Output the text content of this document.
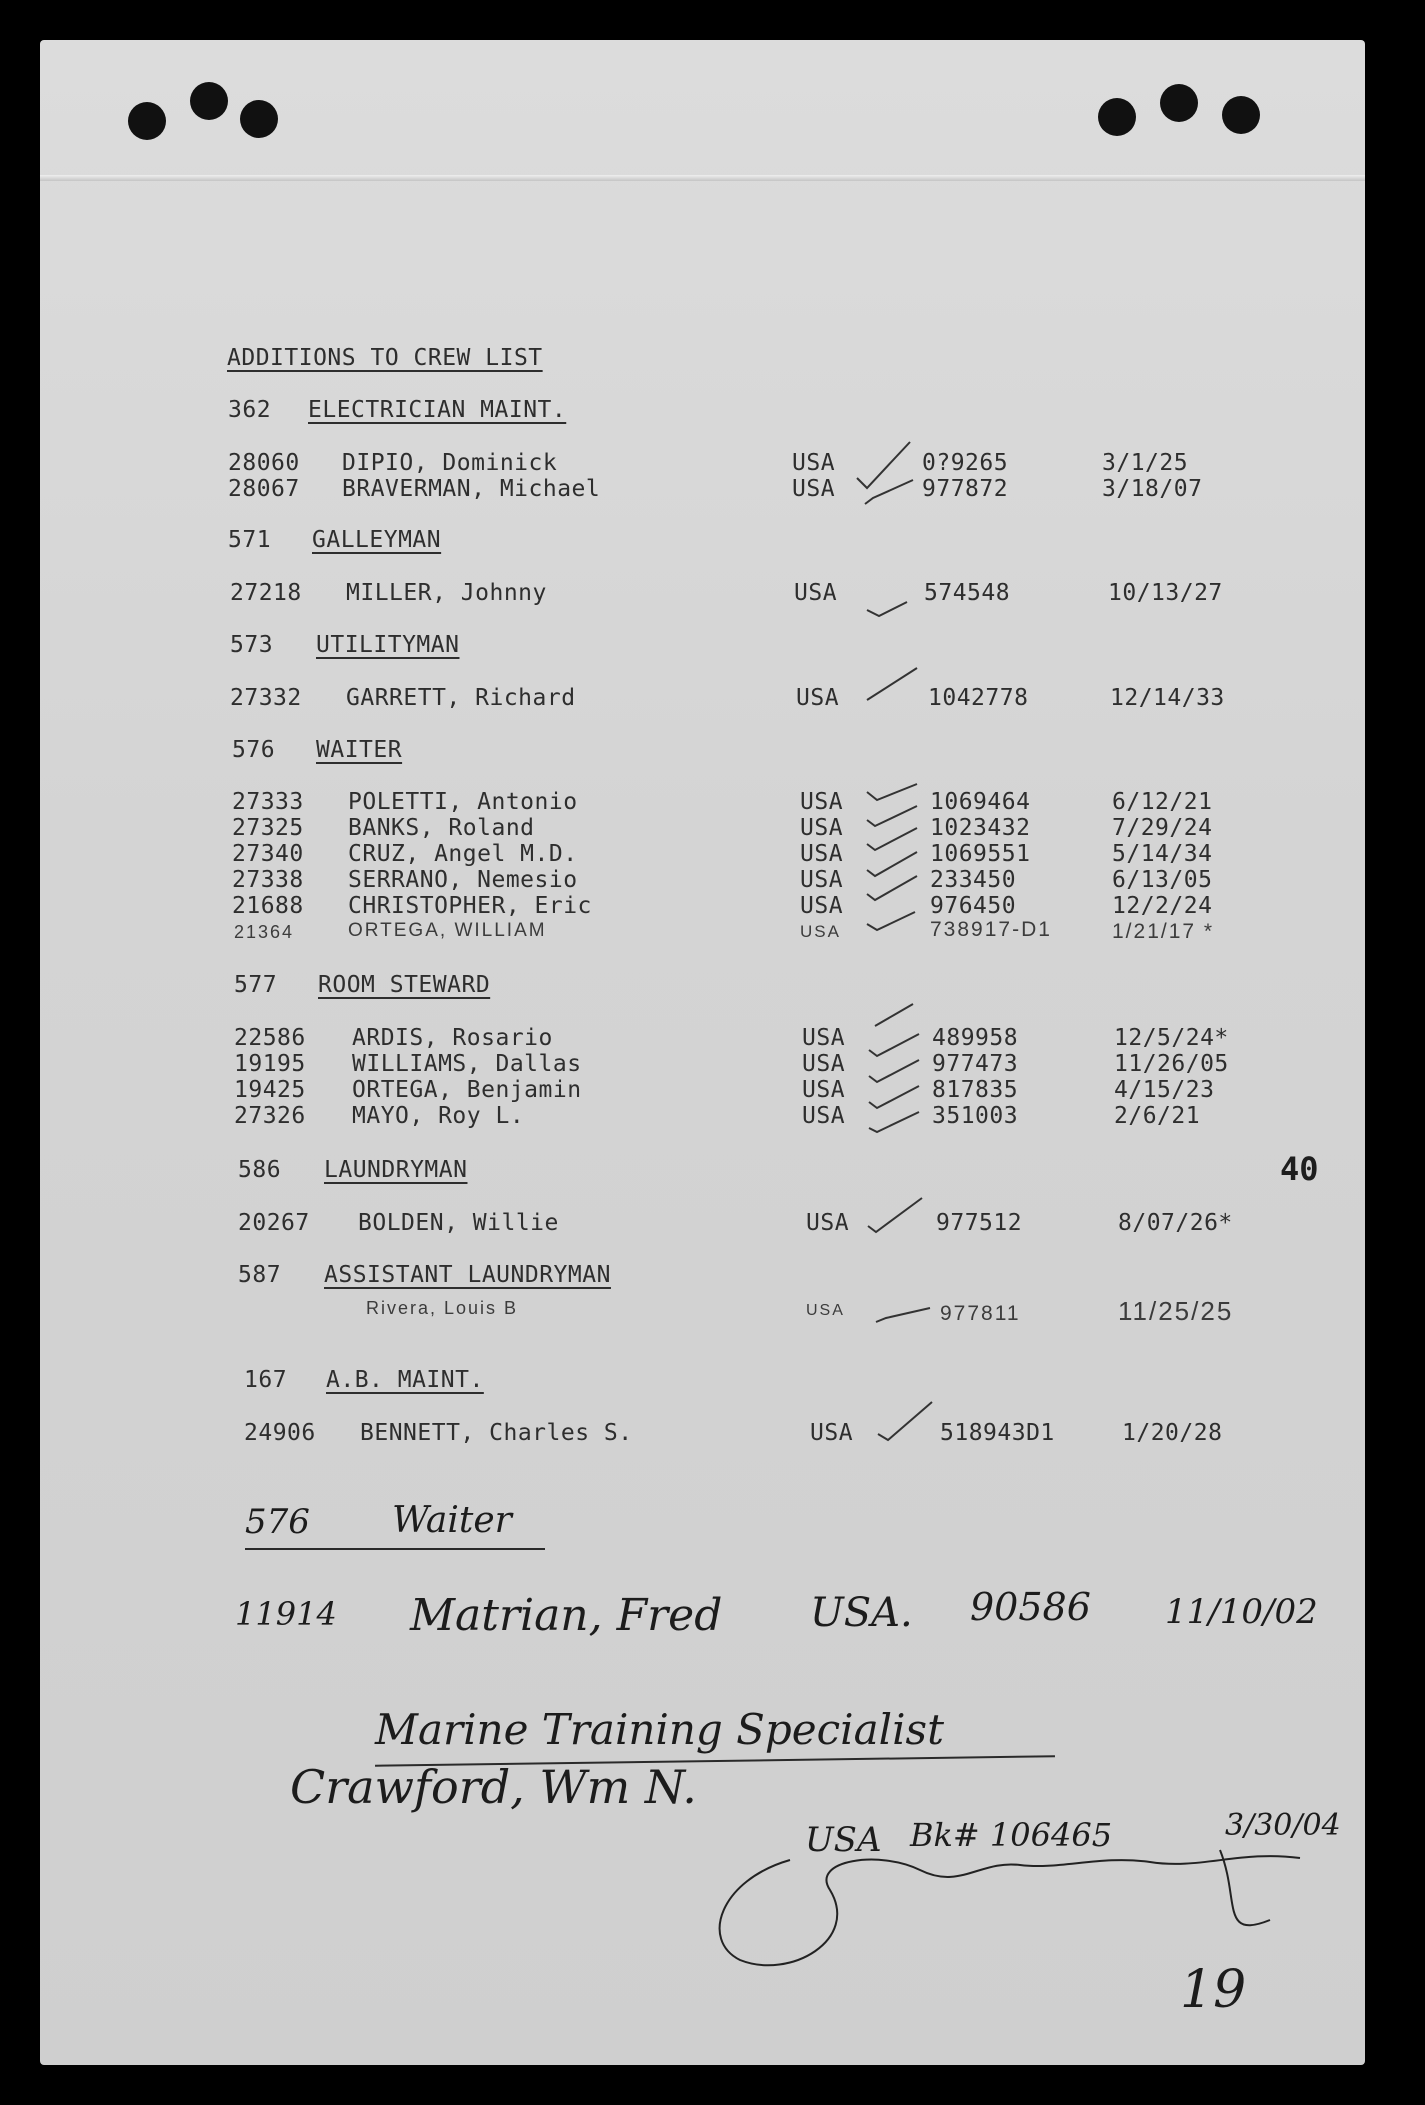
ADDITIONS TO CREW LIST
362 ELECTRICIAN MAINT.
28060 DIPIO, Dominick	USA	0?9265	3/1/25
28067 BRAVERMAN, Michael	USA	977872	3/18/07
571 GALLEYMAN
27218 MILLER, Johnny	USA	574548	10/13/27
573 UTILITYMAN
27332 GARRETT, Richard	USA	1042778	12/14/33
576 WAITER
27333 POLETTI, Antonio	USA	1069464	6/12/21
27325 BANKS, Roland	USA	1023432	7/29/24
27340 CRUZ, Angel M.D.	USA	1069551	5/14/34
27338 SERRANO, Nemesio	USA	233450	6/13/05
21688 CHRISTOPHER, Eric	USA	976450	12/2/24
21364	ORTEGA, WILLIAM	USA	738917-D1	1/21/17 *
577 ROOM STEWARD
22586 ARDIS, Rosario	USA	489958	12/5/24*
19195 WILLIAMS, Dallas	USA	977473	11/26/05
19425 ORTEGA, Benjamin	USA	817835	4/15/23
27326 MAYO, Roy L.	USA	351003	2/6/21
586 LAUNDRYMAN	40
20267 BOLDEN, Willie	USA	977512	8/07/26*
587 ASSISTANT LAUNDRYMAN
Rivera, Louis B	USA	977811	11/25/25
167 A.B. MAINT.
24906 BENNETT, Charles S.	USA	518943D1	1/20/28
576 Waiter
11914 Matrian, Fred USA. 90586 11/10/02
Marine Training Specialist
Crawford, Wm N.
USA Bk# 106465	3/30/04
19
